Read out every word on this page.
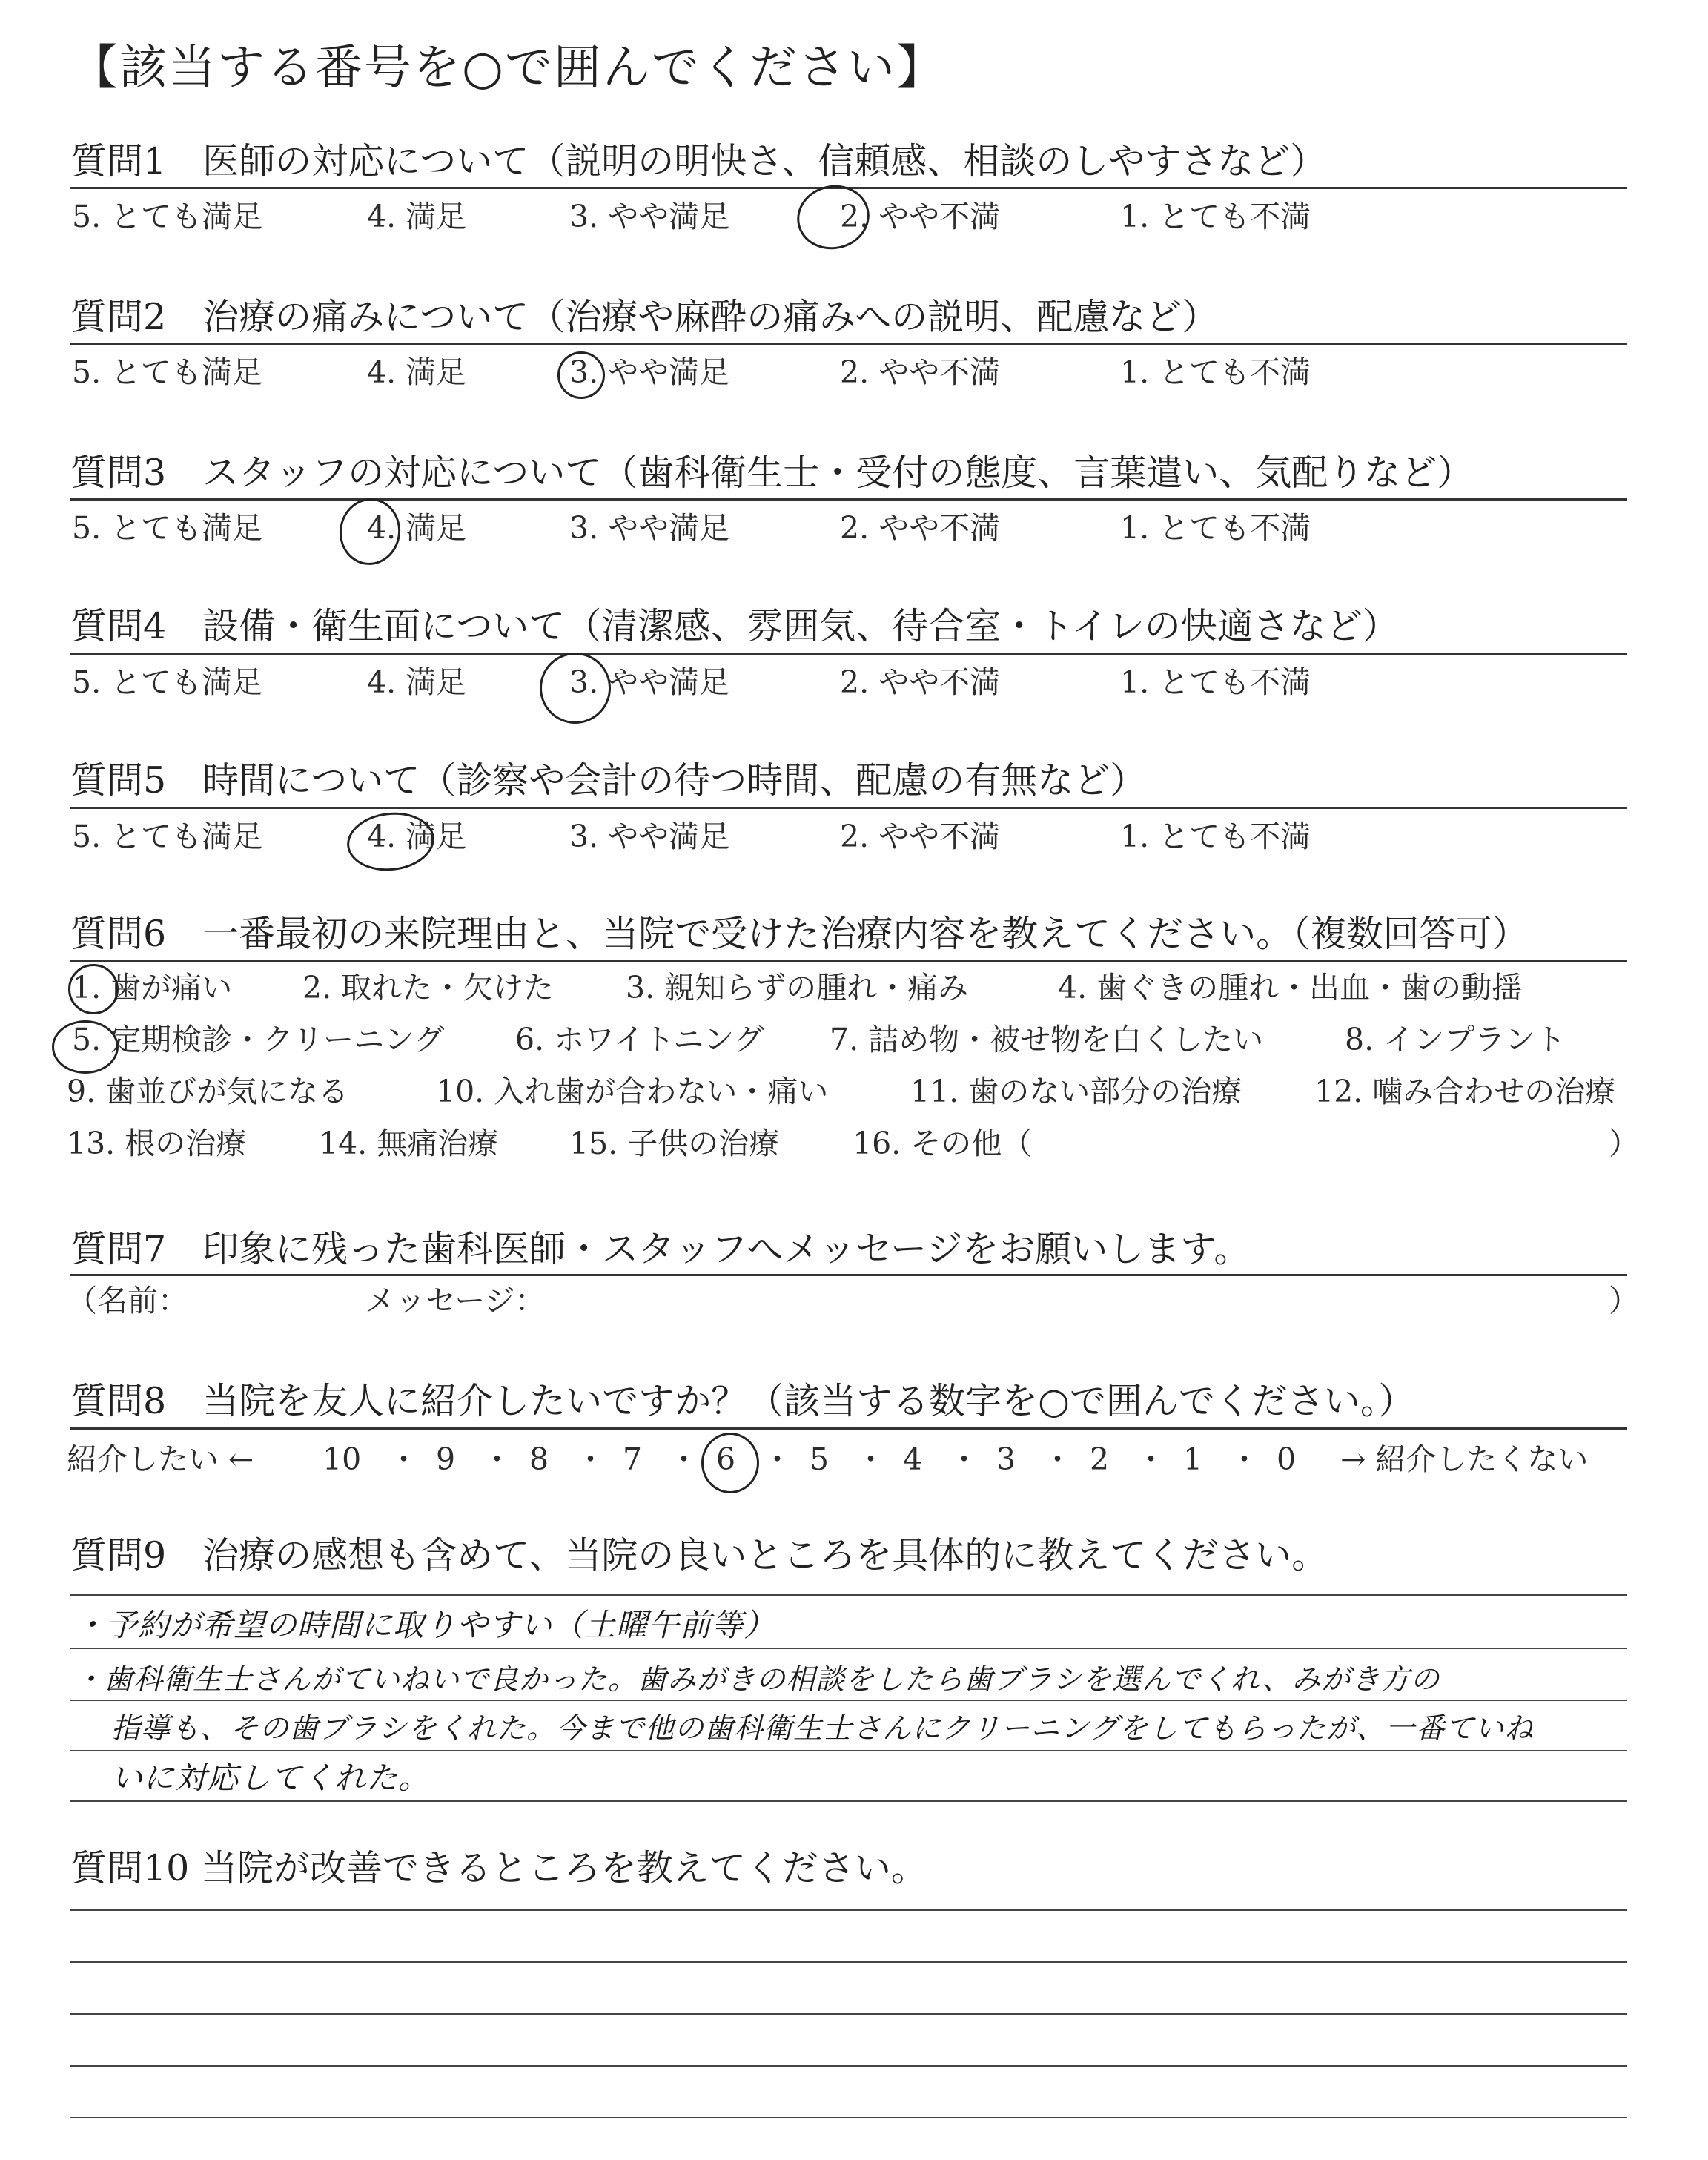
【該当する番号を○で囲んでください】
質問1　医師の対応について（説明の明快さ、信頼感、相談のしやすさなど）
5. とても満足	4. 満足	3. やや満足	2. やや不満	1. とても不満
質問2　治療の痛みについて（治療や麻酔の痛みへの説明、配慮など）
5. とても満足	4. 満足	3. やや満足	2. やや不満	1. とても不満
質問3　スタッフの対応について（歯科衛生士・受付の態度、言葉遣い、気配りなど）
5. とても満足	4. 満足	3. やや満足	2. やや不満	1. とても不満
質問4　設備・衛生面について（清潔感、雰囲気、待合室・トイレの快適さなど）
5. とても満足	4. 満足	3. やや満足	2. やや不満	1. とても不満
質問5　時間について（診察や会計の待つ時間、配慮の有無など）
5. とても満足	4. 満足	3. やや満足	2. やや不満	1. とても不満
質問6　一番最初の来院理由と、当院で受けた治療内容を教えてください。（複数回答可）
1. 歯が痛い 2. 取れた・欠けた 3. 親知らずの腫れ・痛み	4. 歯ぐきの腫れ・出血・歯の動揺
5. 定期検診・クリーニング 6. ホワイトニング 7. 詰め物・被せ物を白くしたい	8. インプラント
9. 歯並びが気になる	10. 入れ歯が合わない・痛い	11. 歯のない部分の治療 12. 噛み合わせの治療
13. 根の治療 14. 無痛治療 15. 子供の治療 16. その他（	）
質問7　印象に残った歯科医師・スタッフへメッセージをお願いします。
（名前：	メッセージ：	）
質問8　当院を友人に紹介したいですか？（該当する数字を○で囲んでください。）
紹介したい ← 10 ・ 9 ・ 8 ・ 7 ・ 6 ・ 5 ・ 4 ・ 3 ・ 2 ・ 1 ・ 0 → 紹介したくない
質問9　治療の感想も含めて、当院の良いところを具体的に教えてください。
・予約が希望の時間に取りやすい（土曜午前等）
・歯科衛生士さんがていねいで良かった。歯みがきの相談をしたら歯ブラシを選んでくれ、みがき方の
指導も、その歯ブラシをくれた。今まで他の歯科衛生士さんにクリーニングをしてもらったが、一番ていね
いに対応してくれた。
質問10 当院が改善できるところを教えてください。
